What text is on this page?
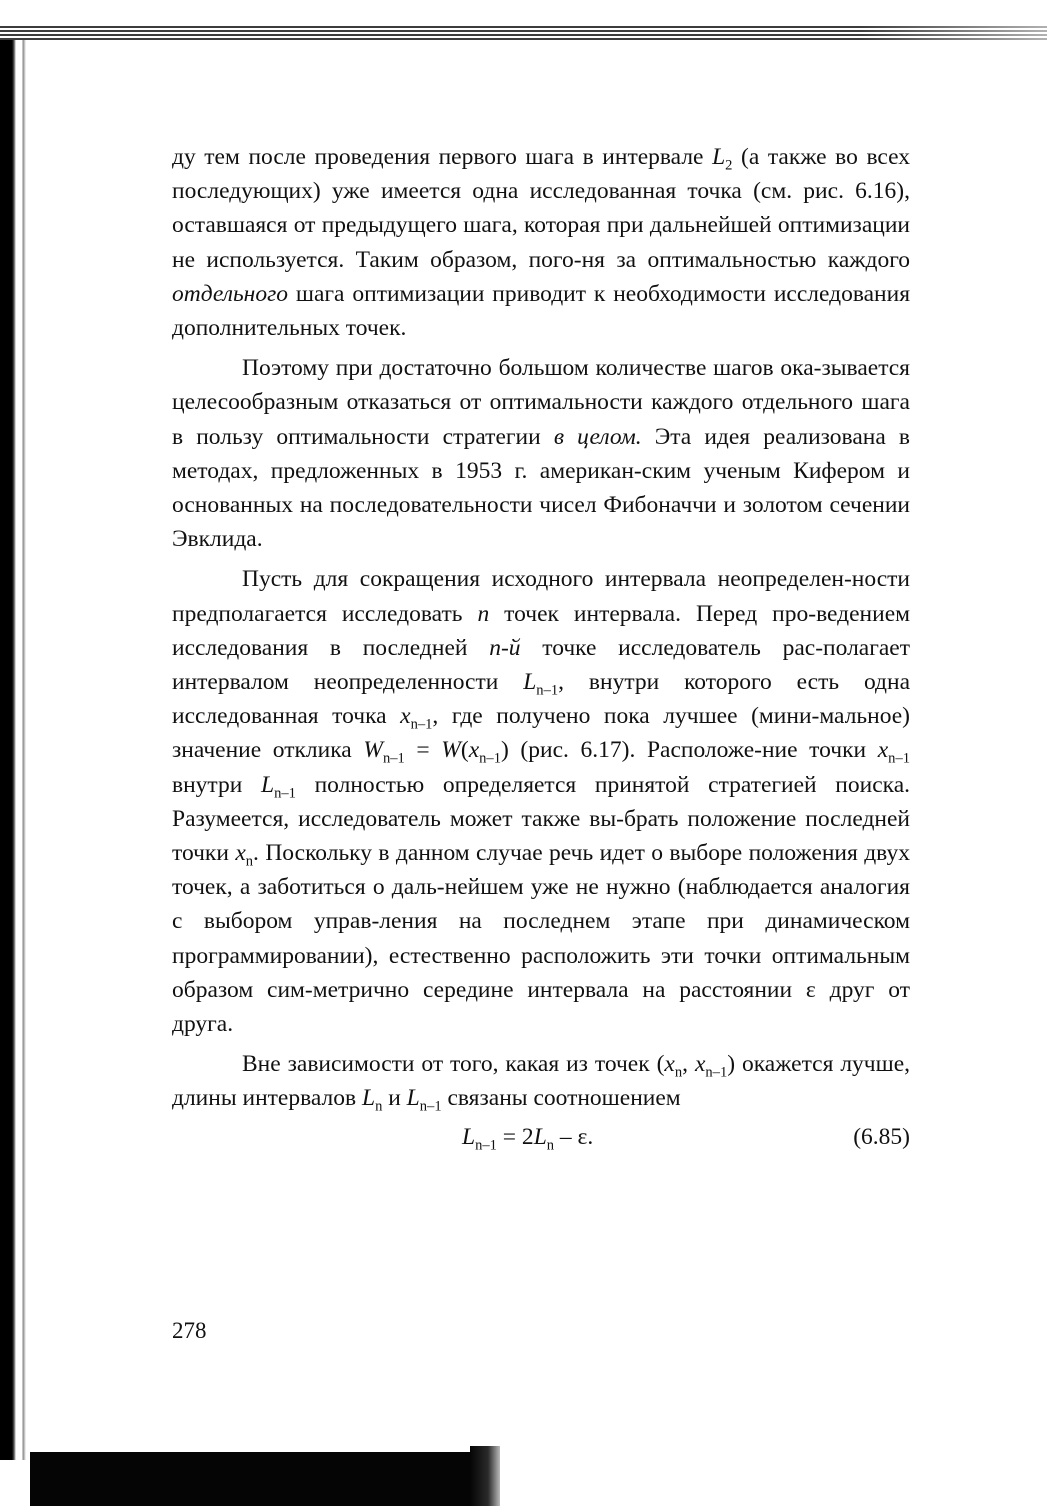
ду тем после проведения первого шага в интервале $L_2$ (а также во всех последующих) уже имеется одна исследованная точка (см. рис. 6.16), оставшаяся от предыдущего шага, которая при дальнейшей оптимизации не используется. Таким образом, пого-ня за оптимальностью каждого отдельного шага оптимизации приводит к необходимости исследования дополнительных точек.

Поэтому при достаточно большом количестве шагов ока-зывается целесообразным отказаться от оптимальности каждого отдельного шага в пользу оптимальности стратегии в целом. Эта идея реализована в методах, предложенных в 1953 г. американ-ским ученым Кифером и основанных на последовательности чисел Фибоначчи и золотом сечении Эвклида.

Пусть для сокращения исходного интервала неопределен-ности предполагается исследовать n точек интервала. Перед про-ведением исследования в последней n-й точке исследователь рас-полагает интервалом неопределенности $L_{n-1}$, внутри которого есть одна исследованная точка $x_{n-1}$, где получено пока лучшее (мини-мальное) значение отклика $W_{n-1} = W(x_{n-1})$ (рис. 6.17). Расположе-ние точки $x_{n-1}$ внутри $L_{n-1}$ полностью определяется принятой стратегией поиска. Разумеется, исследователь может также вы-брать положение последней точки $x_n$. Поскольку в данном случае речь идет о выборе положения двух точек, а заботиться о даль-нейшем уже не нужно (наблюдается аналогия с выбором управ-ления на последнем этапе при динамическом программировании), естественно расположить эти точки оптимальным образом сим-метрично середине интервала на расстоянии ε друг от друга.

Вне зависимости от того, какая из точек ($x_n$, $x_{n-1}$) окажется лучше, длины интервалов $L_n$ и $L_{n-1}$ связаны соотношением

$L_{n-1} = 2L_n - \varepsilon$.	(6.85)
278
